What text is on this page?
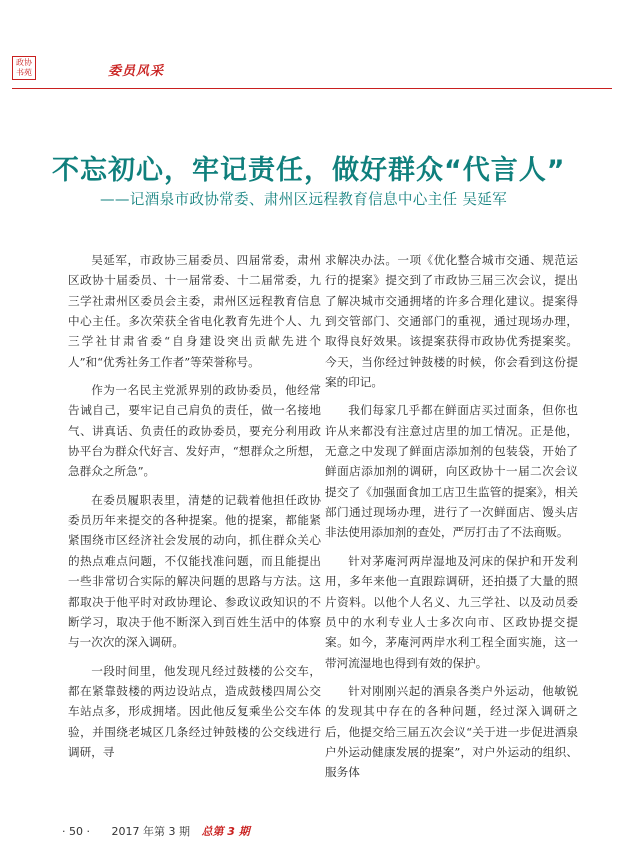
政协书苑	委员风采
不忘初心，牢记责任，做好群众“代言人”
——记酒泉市政协常委、肃州区远程教育信息中心主任 吴延军

吴延军，市政协三届委员、四届常委，肃州区政协十届委员、十一届常委、十二届常委，九三学社肃州区委员会主委，肃州区远程教育信息中心主任。多次荣获全省电化教育先进个人、九三学社甘肃省委“自身建设突出贡献先进个人”和“优秀社务工作者”等荣誉称号。

作为一名民主党派界别的政协委员，他经常告诫自己，要牢记自己肩负的责任，做一名接地气、讲真话、负责任的政协委员，要充分利用政协平台为群众代好言、发好声，“想群众之所想，急群众之所急”。

在委员履职表里，清楚的记载着他担任政协委员历年来提交的各种提案。他的提案，都能紧紧围绕市区经济社会发展的动向，抓住群众关心的热点难点问题，不仅能找准问题，而且能提出一些非常切合实际的解决问题的思路与方法。这都取决于他平时对政协理论、参政议政知识的不断学习，取决于他不断深入到百姓生活中的体察与一次次的深入调研。

一段时间里，他发现凡经过鼓楼的公交车，都在紧靠鼓楼的两边设站点，造成鼓楼四周公交车站点多，形成拥堵。因此他反复乘坐公交车体验，并围绕老城区几条经过钟鼓楼的公交线进行调研，寻

求解决办法。一项《优化整合城市交通、规范运行的提案》提交到了市政协三届三次会议，提出了解决城市交通拥堵的许多合理化建议。提案得到交管部门、交通部门的重视，通过现场办理，取得良好效果。该提案获得市政协优秀提案奖。今天，当你经过钟鼓楼的时候，你会看到这份提案的印记。

我们每家几乎都在鲜面店买过面条，但你也许从来都没有注意过店里的加工情况。正是他，无意之中发现了鲜面店添加剂的包装袋，开始了鲜面店添加剂的调研，向区政协十一届二次会议提交了《加强面食加工店卫生监管的提案》，相关部门通过现场办理，进行了一次鲜面店、馒头店非法使用添加剂的查处，严厉打击了不法商贩。

针对茅庵河两岸湿地及河床的保护和开发利用，多年来他一直跟踪调研，还拍摄了大量的照片资料。以他个人名义、九三学社、以及动员委员中的水利专业人士多次向市、区政协提交提案。如今，茅庵河两岸水利工程全面实施，这一带河流湿地也得到有效的保护。

针对刚刚兴起的酒泉各类户外运动，他敏锐的发现其中存在的各种问题，经过深入调研之后，他提交给三届五次会议“关于进一步促进酒泉户外运动健康发展的提案”，对户外运动的组织、服务体

· 50 · 2017 年第 3 期 总第 3 期
